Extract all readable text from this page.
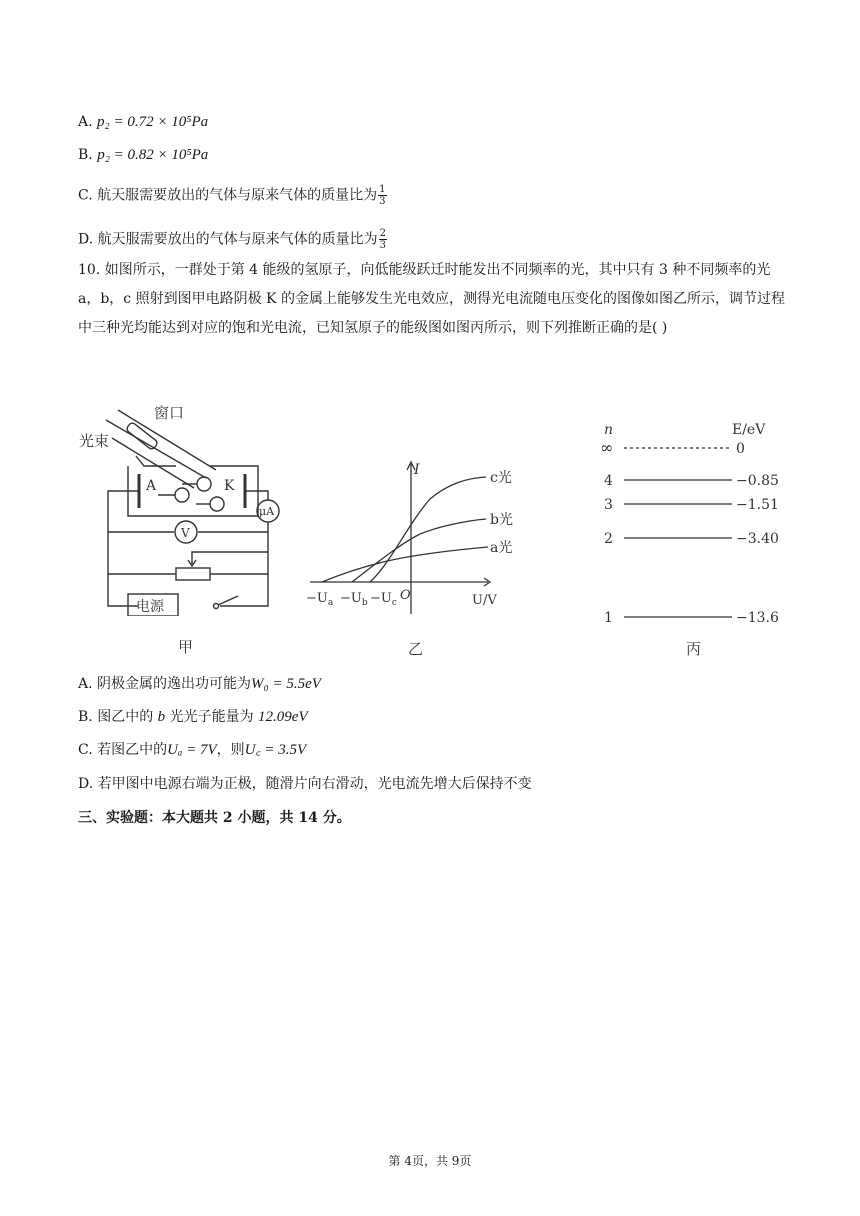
A. p₂ = 0.72 × 10⁵Pa
B. p₂ = 0.82 × 10⁵Pa
C. 航天服需要放出的气体与原来气体的质量比为 $\frac{1}{3}$
D. 航天服需要放出的气体与原来气体的质量比为 $\frac{2}{3}$
10. 如图所示，一群处于第 4 能级的氢原子，向低能级跃迁时能发出不同频率的光，其中只有 3 种不同频率的光 a，b，c 照射到图甲电路阴极 K 的金属上能够发生光电效应，测得光电流随电压变化的图像如图乙所示，调节过程中三种光均能达到对应的饱和光电流，已知氢原子的能级图如图丙所示，则下列推断正确的是( )
光束
窗口
A	K
μA
V
电源
甲
I
U/V
O
c光
b光
a光
$-U_a -U_b -U_c$
乙
n	E/eV
∞	0
4	−0.85
3	−1.51
2	−3.40
1	−13.6
丙
A. 阴极金属的逸出功可能为W₀ = 5.5eV
B. 图乙中的 b 光光子能量为 12.09eV
C. 若图乙中的Uₐ = 7V，则U꜀ = 3.5V
D. 若甲图中电源右端为正极，随滑片向右滑动，光电流先增大后保持不变
三、实验题：本大题共 2 小题，共 14 分。
第 4页，共 9页
